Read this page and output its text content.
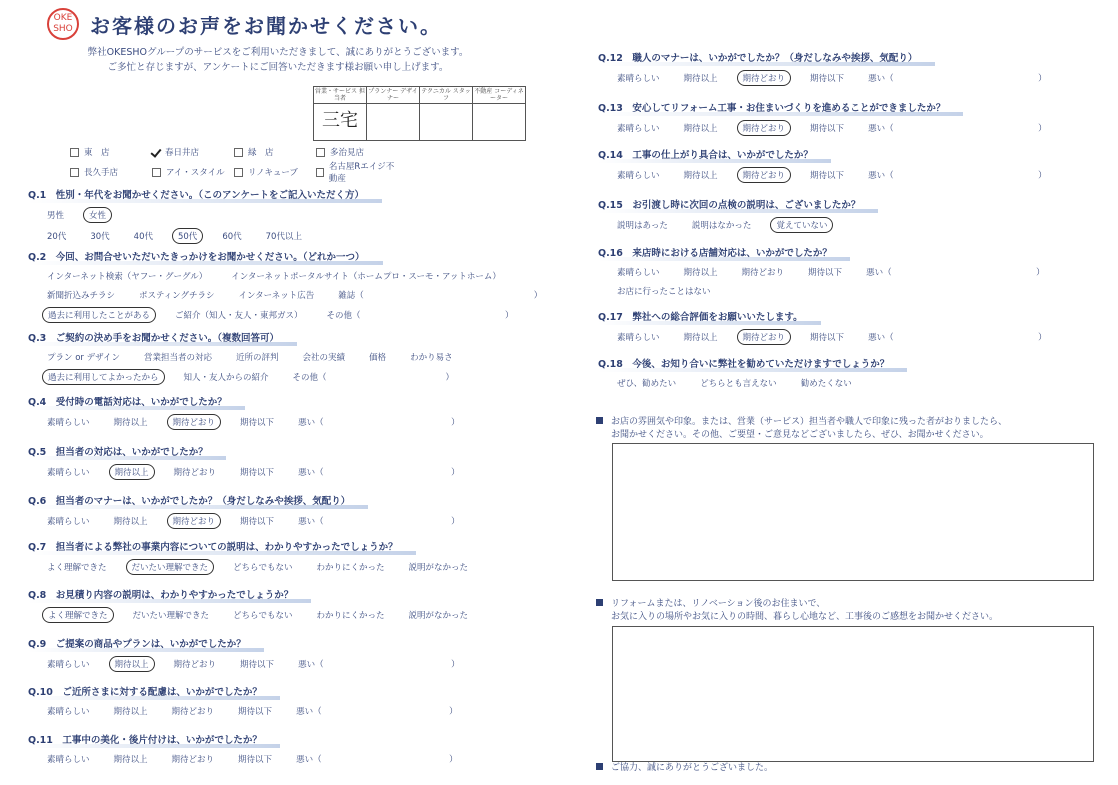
OKE SHO お客様のお声をお聞かせください。
弊社OKESHOグループのサービスをご利用いただきまして、誠にありがとうございます。
ご多忙と存じますが、アンケートにご回答いただきます様お願い申し上げます。
営業・サービス 担当者	プランナー デザイナー	テクニカル スタッフ	不動産 コーディネーター
三宅			
東　店	春日井店	緑　店	多治見店
長久手店	アイ・スタイル	リノキューブ
名古屋Rエイジ不動産
Q.1　性別・年代をお聞かせください。（このアンケートをご記入いただく方）
男性	女性
20代	30代	40代	50代	60代	70代以上
Q.2　今回、お問合せいただいたきっかけをお聞かせください。（どれか一つ）
インターネット検索（ヤフー・グーグル）	インターネットポータルサイト（ホームプロ・スーモ・アットホーム）
新聞折込みチラシ	ポスティングチラシ	インターネット広告	雑誌（　　　　　　　　　　　　　　　　　　　　）
過去に利用したことがある	ご紹介（知人・友人・東邦ガス）	その他（　　　　　　　　　　　　　　　　　）
Q.3　ご契約の決め手をお聞かせください。（複数回答可）
プラン or デザイン	営業担当者の対応	近所の評判	会社の実績	価格	わかり易さ
過去に利用してよかったから	知人・友人からの紹介	その他（　　　　　　　　　　　　　　）
Q.4　受付時の電話対応は、いかがでしたか？
素晴らしい	期待以上	期待どおり	期待以下	悪い（　　　　　　　　　　　　　　　）
Q.5　担当者の対応は、いかがでしたか？
素晴らしい	期待以上	期待どおり	期待以下	悪い（　　　　　　　　　　　　　　　）
Q.6　担当者のマナーは、いかがでしたか？（身だしなみや挨拶、気配り）
素晴らしい	期待以上	期待どおり	期待以下	悪い（　　　　　　　　　　　　　　　）
Q.7　担当者による弊社の事業内容についての説明は、わかりやすかったでしょうか？
よく理解できた	だいたい理解できた	どちらでもない	わかりにくかった	説明がなかった
Q.8　お見積り内容の説明は、わかりやすかったでしょうか？
よく理解できた	だいたい理解できた	どちらでもない	わかりにくかった	説明がなかった
Q.9　ご提案の商品やプランは、いかがでしたか？
素晴らしい	期待以上	期待どおり	期待以下	悪い（　　　　　　　　　　　　　　　）
Q.10　ご近所さまに対する配慮は、いかがでしたか？
素晴らしい	期待以上	期待どおり	期待以下	悪い（　　　　　　　　　　　　　　　）
Q.11　工事中の美化・後片付けは、いかがでしたか？
素晴らしい	期待以上	期待どおり	期待以下	悪い（　　　　　　　　　　　　　　　）
Q.12　職人のマナーは、いかがでしたか？（身だしなみや挨拶、気配り）
素晴らしい	期待以上	期待どおり	期待以下	悪い（　　　　　　　　　　　　　　　　　）
Q.13　安心してリフォーム工事・お住まいづくりを進めることができましたか？
素晴らしい	期待以上	期待どおり	期待以下	悪い（　　　　　　　　　　　　　　　　　）
Q.14　工事の仕上がり具合は、いかがでしたか？
素晴らしい	期待以上	期待どおり	期待以下	悪い（　　　　　　　　　　　　　　　　　）
Q.15　お引渡し時に次回の点検の説明は、ございましたか？
説明はあった	説明はなかった	覚えていない
Q.16　来店時における店舗対応は、いかがでしたか？
素晴らしい	期待以上	期待どおり	期待以下	悪い（　　　　　　　　　　　　　　　　　）
お店に行ったことはない
Q.17　弊社への総合評価をお願いいたします。
素晴らしい	期待以上	期待どおり	期待以下	悪い（　　　　　　　　　　　　　　　　　）
Q.18　今後、お知り合いに弊社を勧めていただけますでしょうか？
ぜひ、勧めたい	どちらとも言えない	勧めたくない
お店の雰囲気や印象。または、営業（サービス）担当者や職人で印象に残った者がおりましたら、
お聞かせください。その他、ご要望・ご意見などございましたら、ぜひ、お聞かせください。
リフォームまたは、リノベーション後のお住まいで、
お気に入りの場所やお気に入りの時間、暮らし心地など、工事後のご感想をお聞かせください。
ご協力、誠にありがとうございました。
